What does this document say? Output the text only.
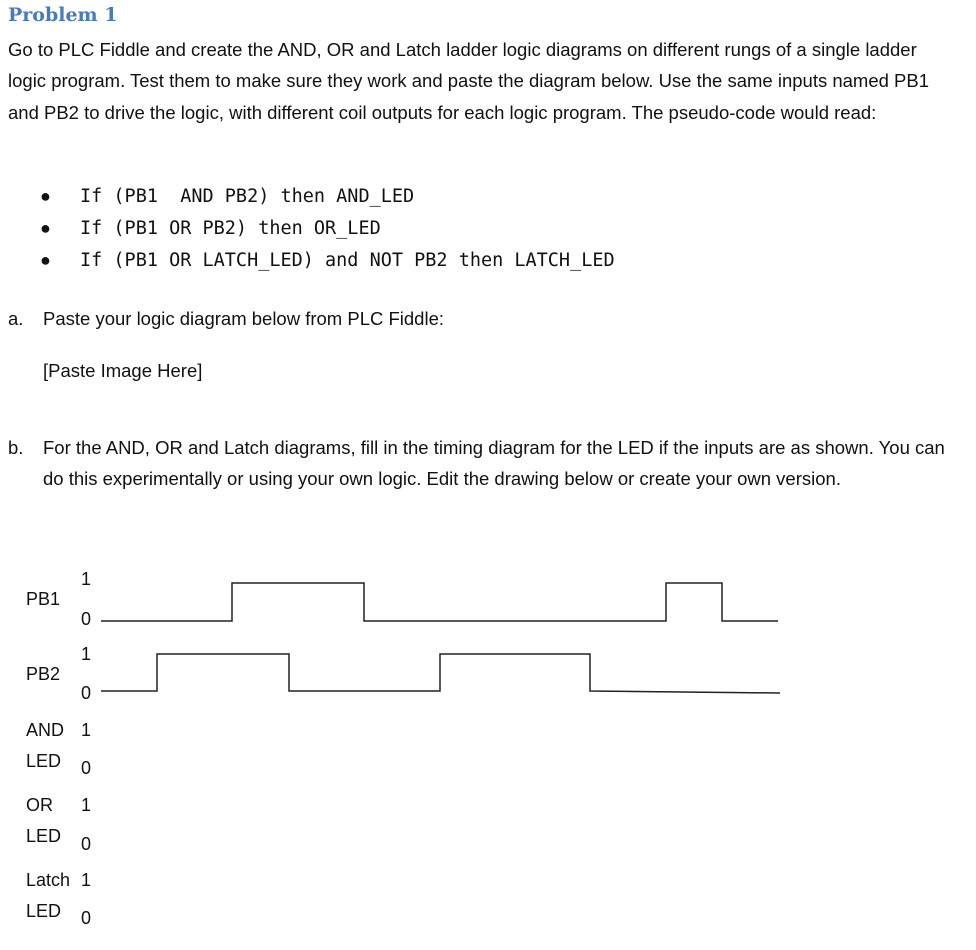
Problem 1
Go to PLC Fiddle and create the AND, OR and Latch ladder logic diagrams on different rungs of a single ladder logic program. Test them to make sure they work and paste the diagram below. Use the same inputs named PB1 and PB2 to drive the logic, with different coil outputs for each logic program. The pseudo-code would read:
●	If (PB1  AND PB2) then AND_LED
●	If (PB1 OR PB2) then OR_LED
●	If (PB1 OR LATCH_LED) and NOT PB2 then LATCH_LED
a. Paste your logic diagram below from PLC Fiddle:
[Paste Image Here]
b. For the AND, OR and Latch diagrams, fill in the timing diagram for the LED if the inputs are as shown. You can do this experimentally or using your own logic. Edit the drawing below or create your own version.
PB1
1
0
PB2
1
0
AND
LED
1
0
OR
LED
1
0
Latch
LED
1
0
